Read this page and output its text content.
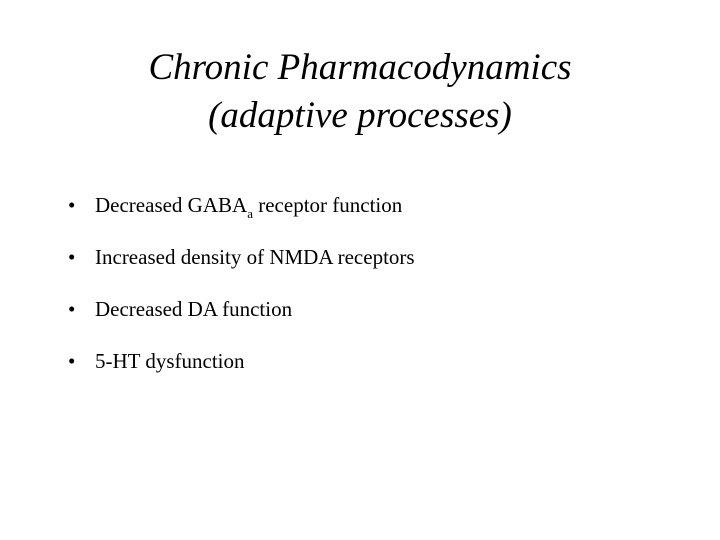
Chronic Pharmacodynamics
(adaptive processes)
• Decreased $GABA_a$ receptor function
• Increased density of NMDA receptors
• Decreased DA function
• 5-HT dysfunction
